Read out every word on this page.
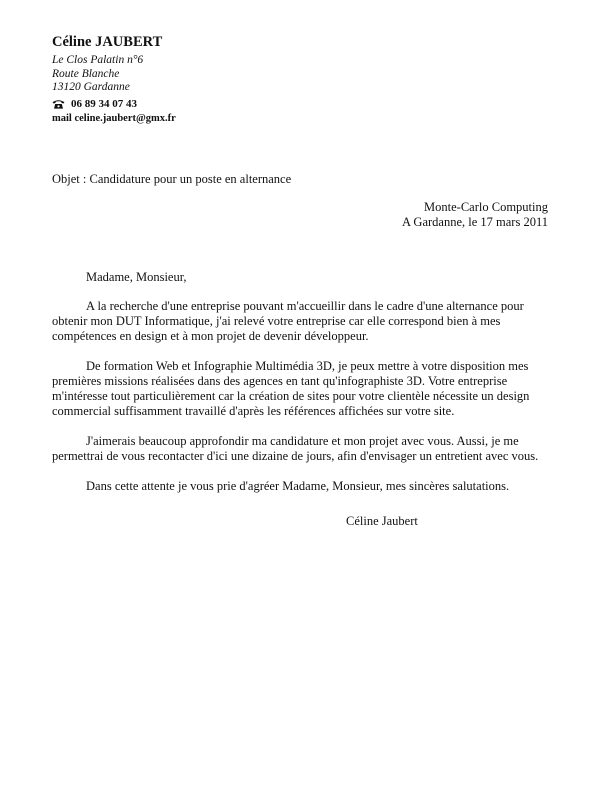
Céline JAUBERT
Le Clos Palatin n°6
Route Blanche
13120 Gardanne
06 89 34 07 43
mail celine.jaubert@gmx.fr
Objet : Candidature pour un poste en alternance
Monte-Carlo Computing
A Gardanne, le 17 mars 2011
Madame, Monsieur,

A la recherche d'une entreprise pouvant m'accueillir dans le cadre d'une alternance pour obtenir mon DUT Informatique, j'ai relevé votre entreprise car elle correspond bien à mes compétences en design et à mon projet de devenir développeur.

De formation Web et Infographie Multimédia 3D, je peux mettre à votre disposition mes premières missions réalisées dans des agences en tant qu'infographiste 3D. Votre entreprise m'intéresse tout particulièrement car la création de sites pour votre clientèle nécessite un design commercial suffisamment travaillé d'après les références affichées sur votre site.

J'aimerais beaucoup approfondir ma candidature et mon projet avec vous. Aussi, je me permettrai de vous recontacter d'ici une dizaine de jours, afin d'envisager un entretient avec vous.

Dans cette attente je vous prie d'agréer Madame, Monsieur, mes sincères salutations.

Céline Jaubert
